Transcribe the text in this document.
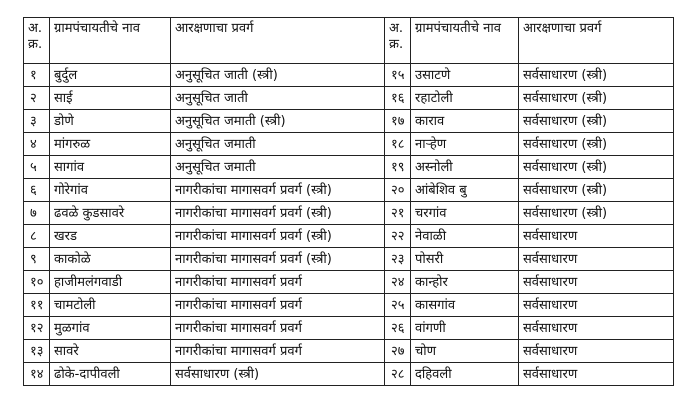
अ. क्र.	ग्रामपंचायतीचे नाव	आरक्षणाचा प्रवर्ग	अ. क्र.	ग्रामपंचायतीचे नाव	आरक्षणाचा प्रवर्ग
१	बुर्दुल	अनुसूचित जाती (स्त्री)	१५	उसाटणे	सर्वसाधारण (स्त्री)
२	साई	अनुसूचित जाती	१६	रहाटोली	सर्वसाधारण (स्त्री)
३	डोणे	अनुसूचित जमाती (स्त्री)	१७	काराव	सर्वसाधारण (स्त्री)
४	मांगरुळ	अनुसूचित जमाती	१८	नाऱ्हेण	सर्वसाधारण (स्त्री)
५	सागांव	अनुसूचित जमाती	१९	अस्नोली	सर्वसाधारण (स्त्री)
६	गोरेगांव	नागरीकांचा मागासवर्ग प्रवर्ग (स्त्री)	२०	आंबेशिव बु	सर्वसाधारण (स्त्री)
७	ढवळे कुडसावरे	नागरीकांचा मागासवर्ग प्रवर्ग (स्त्री)	२१	चरगांव	सर्वसाधारण (स्त्री)
८	खरड	नागरीकांचा मागासवर्ग प्रवर्ग (स्त्री)	२२	नेवाळी	सर्वसाधारण
९	काकोळे	नागरीकांचा मागासवर्ग प्रवर्ग (स्त्री)	२३	पोसरी	सर्वसाधारण
१०	हाजीमलंगवाडी	नागरीकांचा मागासवर्ग प्रवर्ग	२४	कान्होर	सर्वसाधारण
११	चामटोली	नागरीकांचा मागासवर्ग प्रवर्ग	२५	कासगांव	सर्वसाधारण
१२	मुळगांव	नागरीकांचा मागासवर्ग प्रवर्ग	२६	वांगणी	सर्वसाधारण
१३	सावरे	नागरीकांचा मागासवर्ग प्रवर्ग	२७	चोण	सर्वसाधारण
१४	ढोके-दापीवली	सर्वसाधारण (स्त्री)	२८	दहिवली	सर्वसाधारण
